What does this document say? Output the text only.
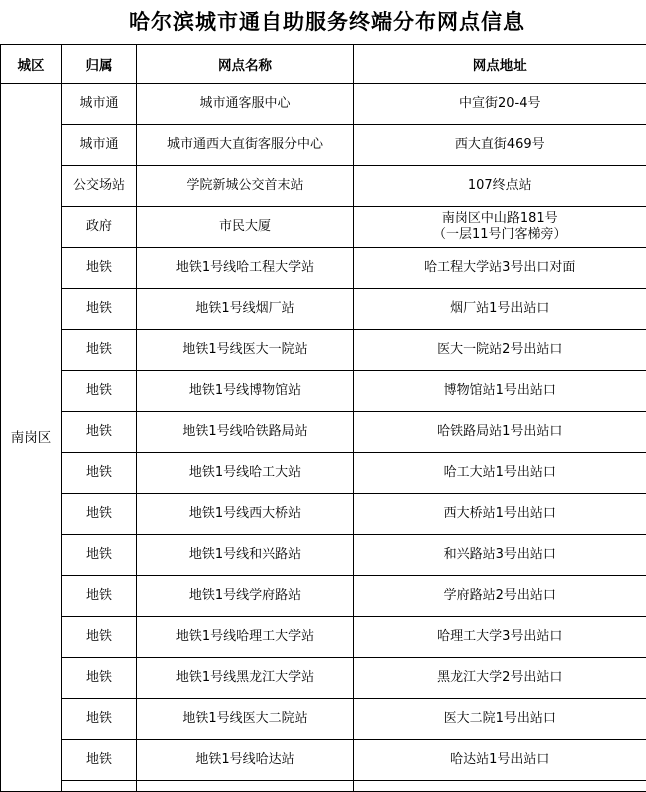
哈尔滨城市通自助服务终端分布网点信息
城区	归属	网点名称	网点地址
南岗区	城市通	城市通客服中心	中宣街20-4号

	城市通	城市通西大直街客服分中心	西大直街469号

	公交场站	学院新城公交首末站	107终点站

	政府	市民大厦	南岗区中山路181号
（一层11号门客梯旁）

	地铁	地铁1号线哈工程大学站	哈工程大学站3号出口对面

	地铁	地铁1号线烟厂站	烟厂站1号出站口

	地铁	地铁1号线医大一院站	医大一院站2号出站口

	地铁	地铁1号线博物馆站	博物馆站1号出站口

	地铁	地铁1号线哈铁路局站	哈铁路局站1号出站口

	地铁	地铁1号线哈工大站	哈工大站1号出站口

	地铁	地铁1号线西大桥站	西大桥站1号出站口

	地铁	地铁1号线和兴路站	和兴路站3号出站口

	地铁	地铁1号线学府路站	学府路站2号出站口

	地铁	地铁1号线哈理工大学站	哈理工大学3号出站口

	地铁	地铁1号线黑龙江大学站	黑龙江大学2号出站口

	地铁	地铁1号线医大二院站	医大二院1号出站口

	地铁	地铁1号线哈达站	哈达站1号出站口
